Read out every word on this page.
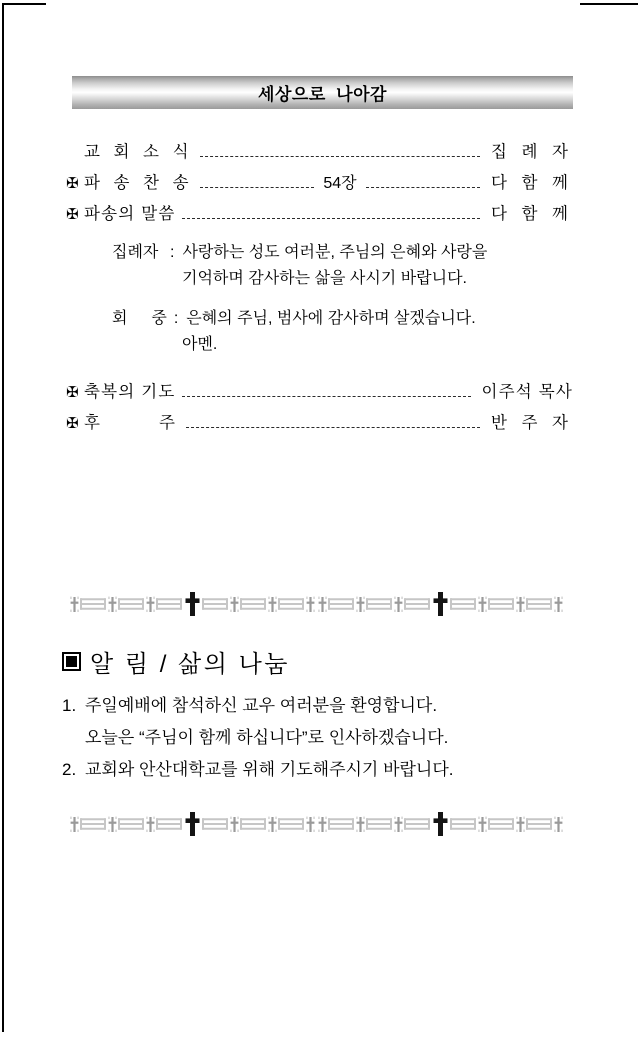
세상으로  나아감
교 회 소 식	집 례 자
✠ 파 송 찬 송	54장	다 함 께
✠ 파송의 말씀	다 함 께
집례자 : 사랑하는 성도 여러분, 주님의 은혜와 사랑을
기억하며 감사하는 삶을 사시기 바랍니다.
회  중 : 은혜의 주님, 범사에 감사하며 살겠습니다.
아멘.
✠ 축복의 기도	이주석 목사
✠ 후      주	반 주 자
알 림 / 삶의 나눔
1. 주일예배에 참석하신 교우 여러분을 환영합니다.
오늘은 “주님이 함께 하십니다”로 인사하겠습니다.
2. 교회와 안산대학교를 위해 기도해주시기 바랍니다.
